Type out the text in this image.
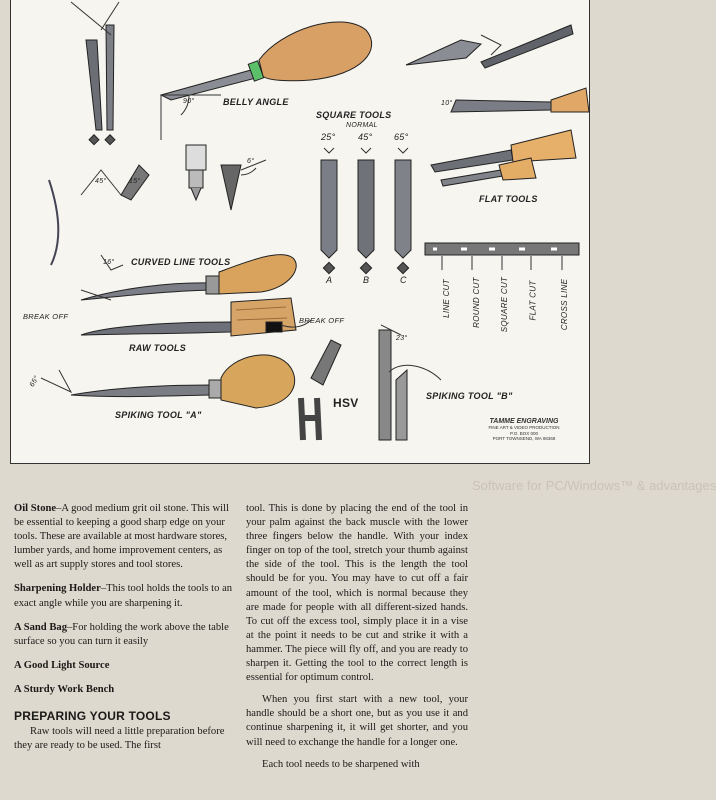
Software for PC/Windows™ & advantages
BELLY ANGLE
SQUARE TOOLS
NORMAL
25° 45° 65°
90°
45°	15°
6°
10°
A	B	C
FLAT TOOLS
LINE CUT	ROUND CUT SQUARE CUT FLAT CUT	CROSS LINE
CURVED LINE TOOLS
16°
BREAK OFF	BREAK OFF
RAW TOOLS
65°
SPIKING TOOL "A"
HSV
23°
SPIKING TOOL "B"
TAMME ENGRAVING
FINE ART & VIDEO PRODUCTION
P.O. BOX 000
PORT TOWNSEND, WA 98368

Oil Stone–A good medium grit oil stone. This will be essential to keeping a good sharp edge on your tools. These are available at most hardware stores, lumber yards, and home improvement centers, as well as art supply stores and tool stores.

Sharpening Holder–This tool holds the tools to an exact angle while you are sharpening it.

A Sand Bag–For holding the work above the table surface so you can turn it easily

A Good Light Source

A Sturdy Work Bench

PREPARING YOUR TOOLS

Raw tools will need a little preparation before they are ready to be used. The first

tool. This is done by placing the end of the tool in your palm against the back muscle with the lower three fingers below the handle. With your index finger on top of the tool, stretch your thumb against the side of the tool. This is the length the tool should be for you. You may have to cut off a fair amount of the tool, which is normal because they are made for people with all different-sized hands. To cut off the excess tool, simply place it in a vise at the point it needs to be cut and strike it with a hammer. The piece will fly off, and you are ready to sharpen it. Getting the tool to the correct length is essential for optimum control.

When you first start with a new tool, your handle should be a short one, but as you use it and continue sharpening it, it will get shorter, and you will need to exchange the handle for a longer one.

Each tool needs to be sharpened with
